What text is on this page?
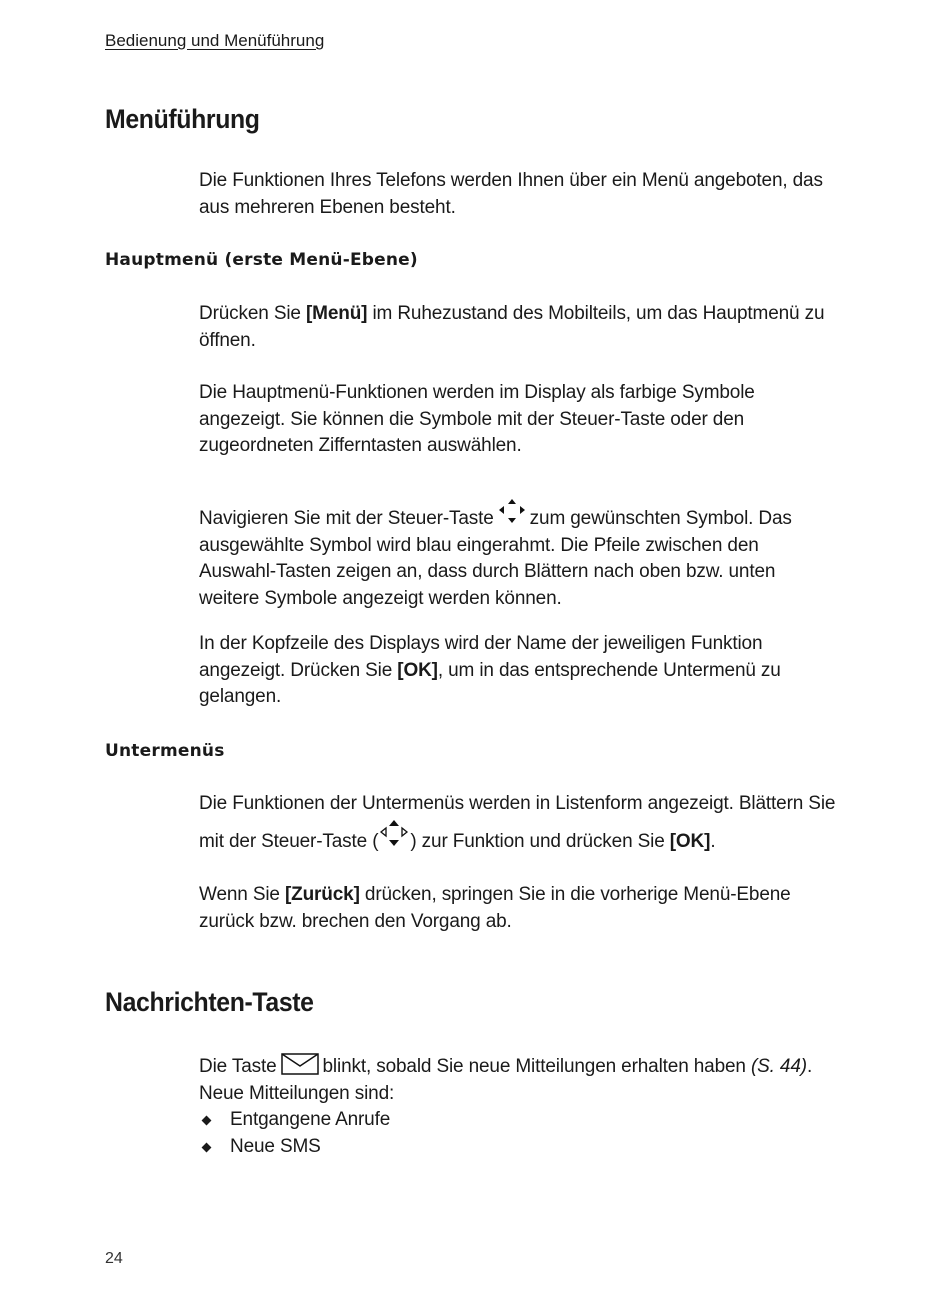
Bedienung und Menüführung
Menüführung

Die Funktionen Ihres Telefons werden Ihnen über ein Menü angeboten, das aus mehreren Ebenen besteht.

Hauptmenü (erste Menü-Ebene)

Drücken Sie [Menü] im Ruhezustand des Mobilteils, um das Hauptmenü zu öffnen.

Die Hauptmenü-Funktionen werden im Display als farbige Symbole angezeigt. Sie können die Symbole mit der Steuer-Taste oder den zugeordneten Zifferntasten auswählen.

Navigieren Sie mit der Steuer-Taste zum gewünschten Symbol. Das ausgewählte Symbol wird blau eingerahmt. Die Pfeile zwischen den Auswahl-Tasten zeigen an, dass durch Blättern nach oben bzw. unten weitere Symbole angezeigt werden können.

In der Kopfzeile des Displays wird der Name der jeweiligen Funktion angezeigt. Drücken Sie [OK], um in das entsprechende Untermenü zu gelangen.

Untermenüs

Die Funktionen der Untermenüs werden in Listenform angezeigt. Blättern Sie mit der Steuer-Taste ( ) zur Funktion und drücken Sie [OK].

Wenn Sie [Zurück] drücken, springen Sie in die vorherige Menü-Ebene zurück bzw. brechen den Vorgang ab.

Nachrichten-Taste
Die Taste blinkt, sobald Sie neue Mitteilungen erhalten haben (S. 44).
Neue Mitteilungen sind:
Entgangene Anrufe
Neue SMS
24
